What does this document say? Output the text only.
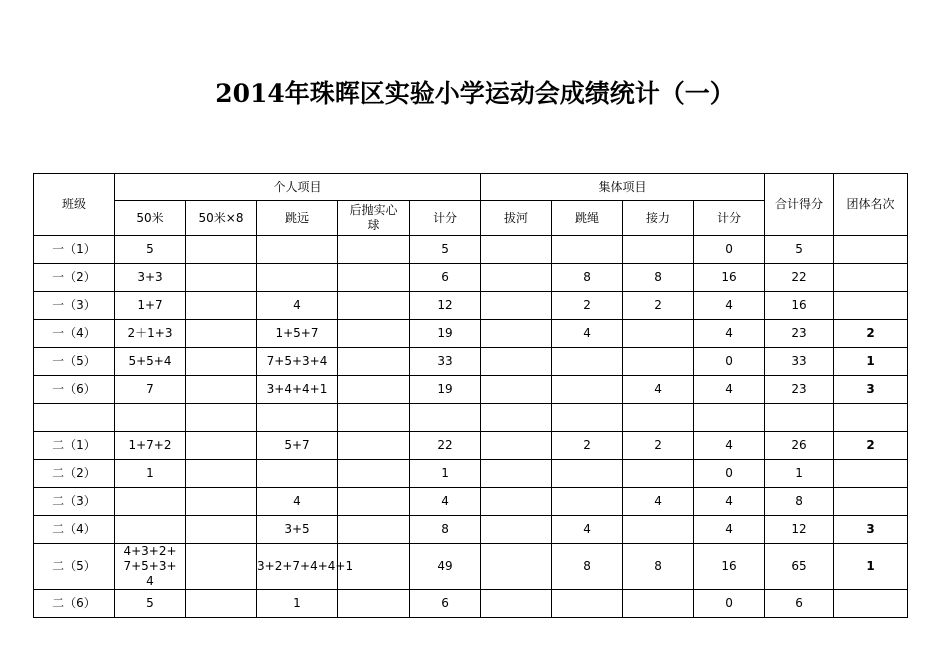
2014年珠晖区实验小学运动会成绩统计（一）
班级	个人项目					集体项目				合计得分	团体名次
	50米	50米×8	跳远	后抛实心球	计分	拔河	跳绳	接力	计分		
一（1）	5				5				0	5	
一（2）	3+3				6		8	8	16	22	
一（3）	1+7		4		12		2	2	4	16	
一（4）	2＋1+3		1+5+7		19		4		4	23	2
一（5）	5+5+4		7+5+3+4		33				0	33	1
一（6）	7		3+4+4+1		19			4	4	23	3

二（1）	1+7+2		5+7		22		2	2	4	26	2
二（2）	1				1				0	1	
二（3）			4		4			4	4	8	
二（4）			3+5		8		4		4	12	3
二（5）	4+3+2+7+5+3+4		3+2+7+4+4+1		49		8	8	16	65	1
二（6）	5		1		6				0	6	
